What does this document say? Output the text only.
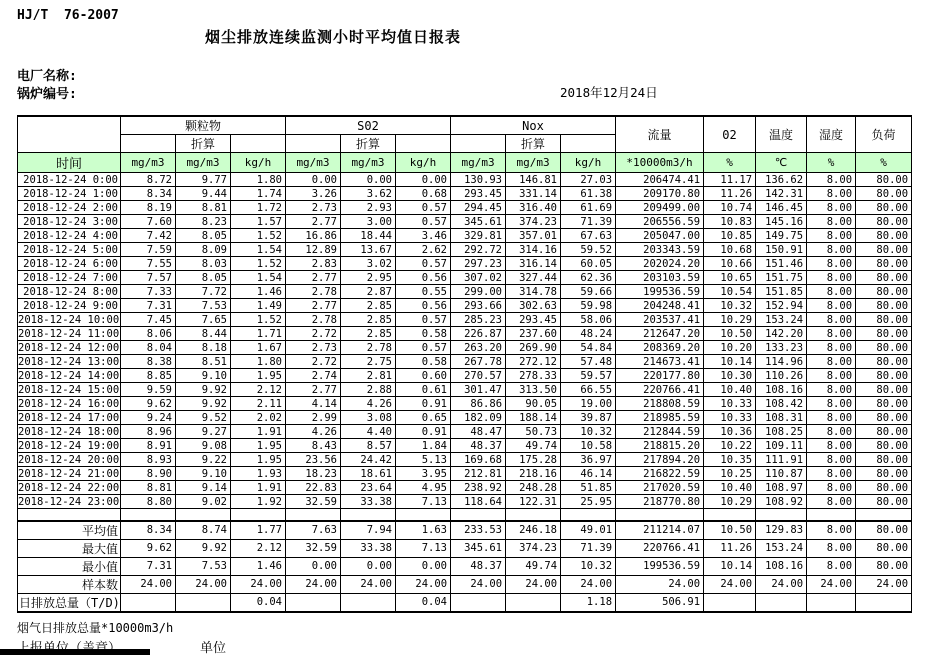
HJ/T  76-2007
烟尘排放连续监测小时平均值日报表
电厂名称:
锅炉编号:	2018年12月24日
	颗粒物			S02			Nox			流量	02	温度	湿度	负荷
		折算			折算			折算						
时间	mg/m3	mg/m3	kg/h	mg/m3	mg/m3	kg/h	mg/m3	mg/m3	kg/h	*10000m3/h	%	℃	%	%
2018-12-24 0:00	8.72	9.77	1.80	0.00	0.00	0.00	130.93	146.81	27.03	206474.41	11.17	136.62	8.00	80.00
2018-12-24 1:00	8.34	9.44	1.74	3.26	3.62	0.68	293.45	331.14	61.38	209170.80	11.26	142.31	8.00	80.00
2018-12-24 2:00	8.19	8.81	1.72	2.73	2.93	0.57	294.45	316.40	61.69	209499.00	10.74	146.45	8.00	80.00
2018-12-24 3:00	7.60	8.23	1.57	2.77	3.00	0.57	345.61	374.23	71.39	206556.59	10.83	145.16	8.00	80.00
2018-12-24 4:00	7.42	8.05	1.52	16.86	18.44	3.46	329.81	357.01	67.63	205047.00	10.85	149.75	8.00	80.00
2018-12-24 5:00	7.59	8.09	1.54	12.89	13.67	2.62	292.72	314.16	59.52	203343.59	10.68	150.91	8.00	80.00
2018-12-24 6:00	7.55	8.03	1.52	2.83	3.02	0.57	297.23	316.14	60.05	202024.20	10.66	151.46	8.00	80.00
2018-12-24 7:00	7.57	8.05	1.54	2.77	2.95	0.56	307.02	327.44	62.36	203103.59	10.65	151.75	8.00	80.00
2018-12-24 8:00	7.33	7.72	1.46	2.78	2.87	0.55	299.00	314.78	59.66	199536.59	10.54	151.85	8.00	80.00
2018-12-24 9:00	7.31	7.53	1.49	2.77	2.85	0.56	293.66	302.63	59.98	204248.41	10.32	152.94	8.00	80.00
2018-12-24 10:00	7.45	7.65	1.52	2.78	2.85	0.57	285.23	293.45	58.06	203537.41	10.29	153.24	8.00	80.00
2018-12-24 11:00	8.06	8.44	1.71	2.72	2.85	0.58	226.87	237.60	48.24	212647.20	10.50	142.20	8.00	80.00
2018-12-24 12:00	8.04	8.18	1.67	2.73	2.78	0.57	263.20	269.90	54.84	208369.20	10.20	133.23	8.00	80.00
2018-12-24 13:00	8.38	8.51	1.80	2.72	2.75	0.58	267.78	272.12	57.48	214673.41	10.14	114.96	8.00	80.00
2018-12-24 14:00	8.85	9.10	1.95	2.74	2.81	0.60	270.57	278.33	59.57	220177.80	10.30	110.26	8.00	80.00
2018-12-24 15:00	9.59	9.92	2.12	2.77	2.88	0.61	301.47	313.50	66.55	220766.41	10.40	108.16	8.00	80.00
2018-12-24 16:00	9.62	9.92	2.11	4.14	4.26	0.91	86.86	90.05	19.00	218808.59	10.33	108.42	8.00	80.00
2018-12-24 17:00	9.24	9.52	2.02	2.99	3.08	0.65	182.09	188.14	39.87	218985.59	10.33	108.31	8.00	80.00
2018-12-24 18:00	8.96	9.27	1.91	4.26	4.40	0.91	48.47	50.73	10.32	212844.59	10.36	108.25	8.00	80.00
2018-12-24 19:00	8.91	9.08	1.95	8.43	8.57	1.84	48.37	49.74	10.58	218815.20	10.22	109.11	8.00	80.00
2018-12-24 20:00	8.93	9.22	1.95	23.56	24.42	5.13	169.68	175.28	36.97	217894.20	10.35	111.91	8.00	80.00
2018-12-24 21:00	8.90	9.10	1.93	18.23	18.61	3.95	212.81	218.16	46.14	216822.59	10.25	110.87	8.00	80.00
2018-12-24 22:00	8.81	9.14	1.91	22.83	23.64	4.95	238.92	248.28	51.85	217020.59	10.40	108.97	8.00	80.00
2018-12-24 23:00	8.80	9.02	1.92	32.59	33.38	7.13	118.64	122.31	25.95	218770.80	10.29	108.92	8.00	80.00

平均值	8.34	8.74	1.77	7.63	7.94	1.63	233.53	246.18	49.01	211214.07	10.50	129.83	8.00	80.00
最大值	9.62	9.92	2.12	32.59	33.38	7.13	345.61	374.23	71.39	220766.41	11.26	153.24	8.00	80.00
最小值	7.31	7.53	1.46	0.00	0.00	0.00	48.37	49.74	10.32	199536.59	10.14	108.16	8.00	80.00
样本数	24.00	24.00	24.00	24.00	24.00	24.00	24.00	24.00	24.00	24.00	24.00	24.00	24.00	24.00
日排放总量（T/D)			0.04			0.04			1.18	506.91				
烟气日排放总量*10000m3/h
单位
